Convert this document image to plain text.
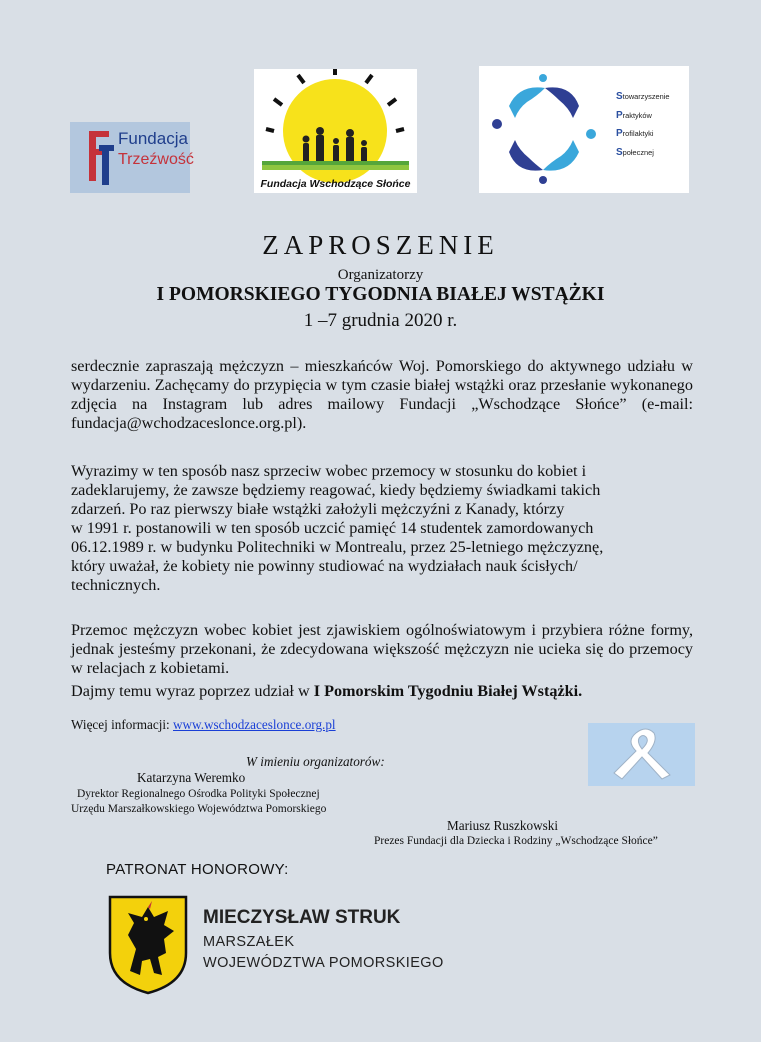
Fundacja
Trzeźwość
Fundacja Wschodzące Słońce
Stowarzyszenie
Praktyków
Profilaktyki
Społecznej
ZAPROSZENIE
Organizatorzy
I POMORSKIEGO TYGODNIA BIAŁEJ WSTĄŻKI
1 –7 grudnia 2020 r.
serdecznie zapraszają mężczyzn – mieszkańców Woj. Pomorskiego do aktywnego udziału w wydarzeniu. Zachęcamy do przypięcia w tym czasie białej wstążki oraz przesłanie wykonanego zdjęcia na Instagram lub adres mailowy Fundacji „Wschodzące Słońce” (e-mail: fundacja@wchodzaceslonce.org.pl).
Wyrazimy w ten sposób nasz sprzeciw wobec przemocy w stosunku do kobiet i
zadeklarujemy, że zawsze będziemy reagować, kiedy będziemy świadkami takich
zdarzeń. Po raz pierwszy białe wstążki założyli mężczyźni z Kanady, którzy
w 1991 r. postanowili w ten sposób uczcić pamięć 14 studentek zamordowanych
06.12.1989 r. w budynku Politechniki w Montrealu, przez 25-letniego mężczyznę,
który uważał, że kobiety nie powinny studiować na wydziałach nauk ścisłych/
technicznych.
Przemoc mężczyzn wobec kobiet jest zjawiskiem ogólnoświatowym i przybiera różne formy, jednak jesteśmy przekonani, że zdecydowana większość mężczyzn nie ucieka się do przemocy w relacjach z kobietami.
Dajmy temu wyraz poprzez udział w I Pomorskim Tygodniu Białej Wstążki.
Więcej informacji: www.wschodzaceslonce.org.pl
W imieniu organizatorów:
Katarzyna Weremko
Dyrektor Regionalnego Ośrodka Polityki Społecznej
Urzędu Marszałkowskiego Województwa Pomorskiego
Mariusz Ruszkowski
Prezes Fundacji dla Dziecka i Rodziny „Wschodzące Słońce”
PATRONAT HONOROWY:
MIECZYSŁAW STRUK
MARSZAŁEK
WOJEWÓDZTWA POMORSKIEGO
